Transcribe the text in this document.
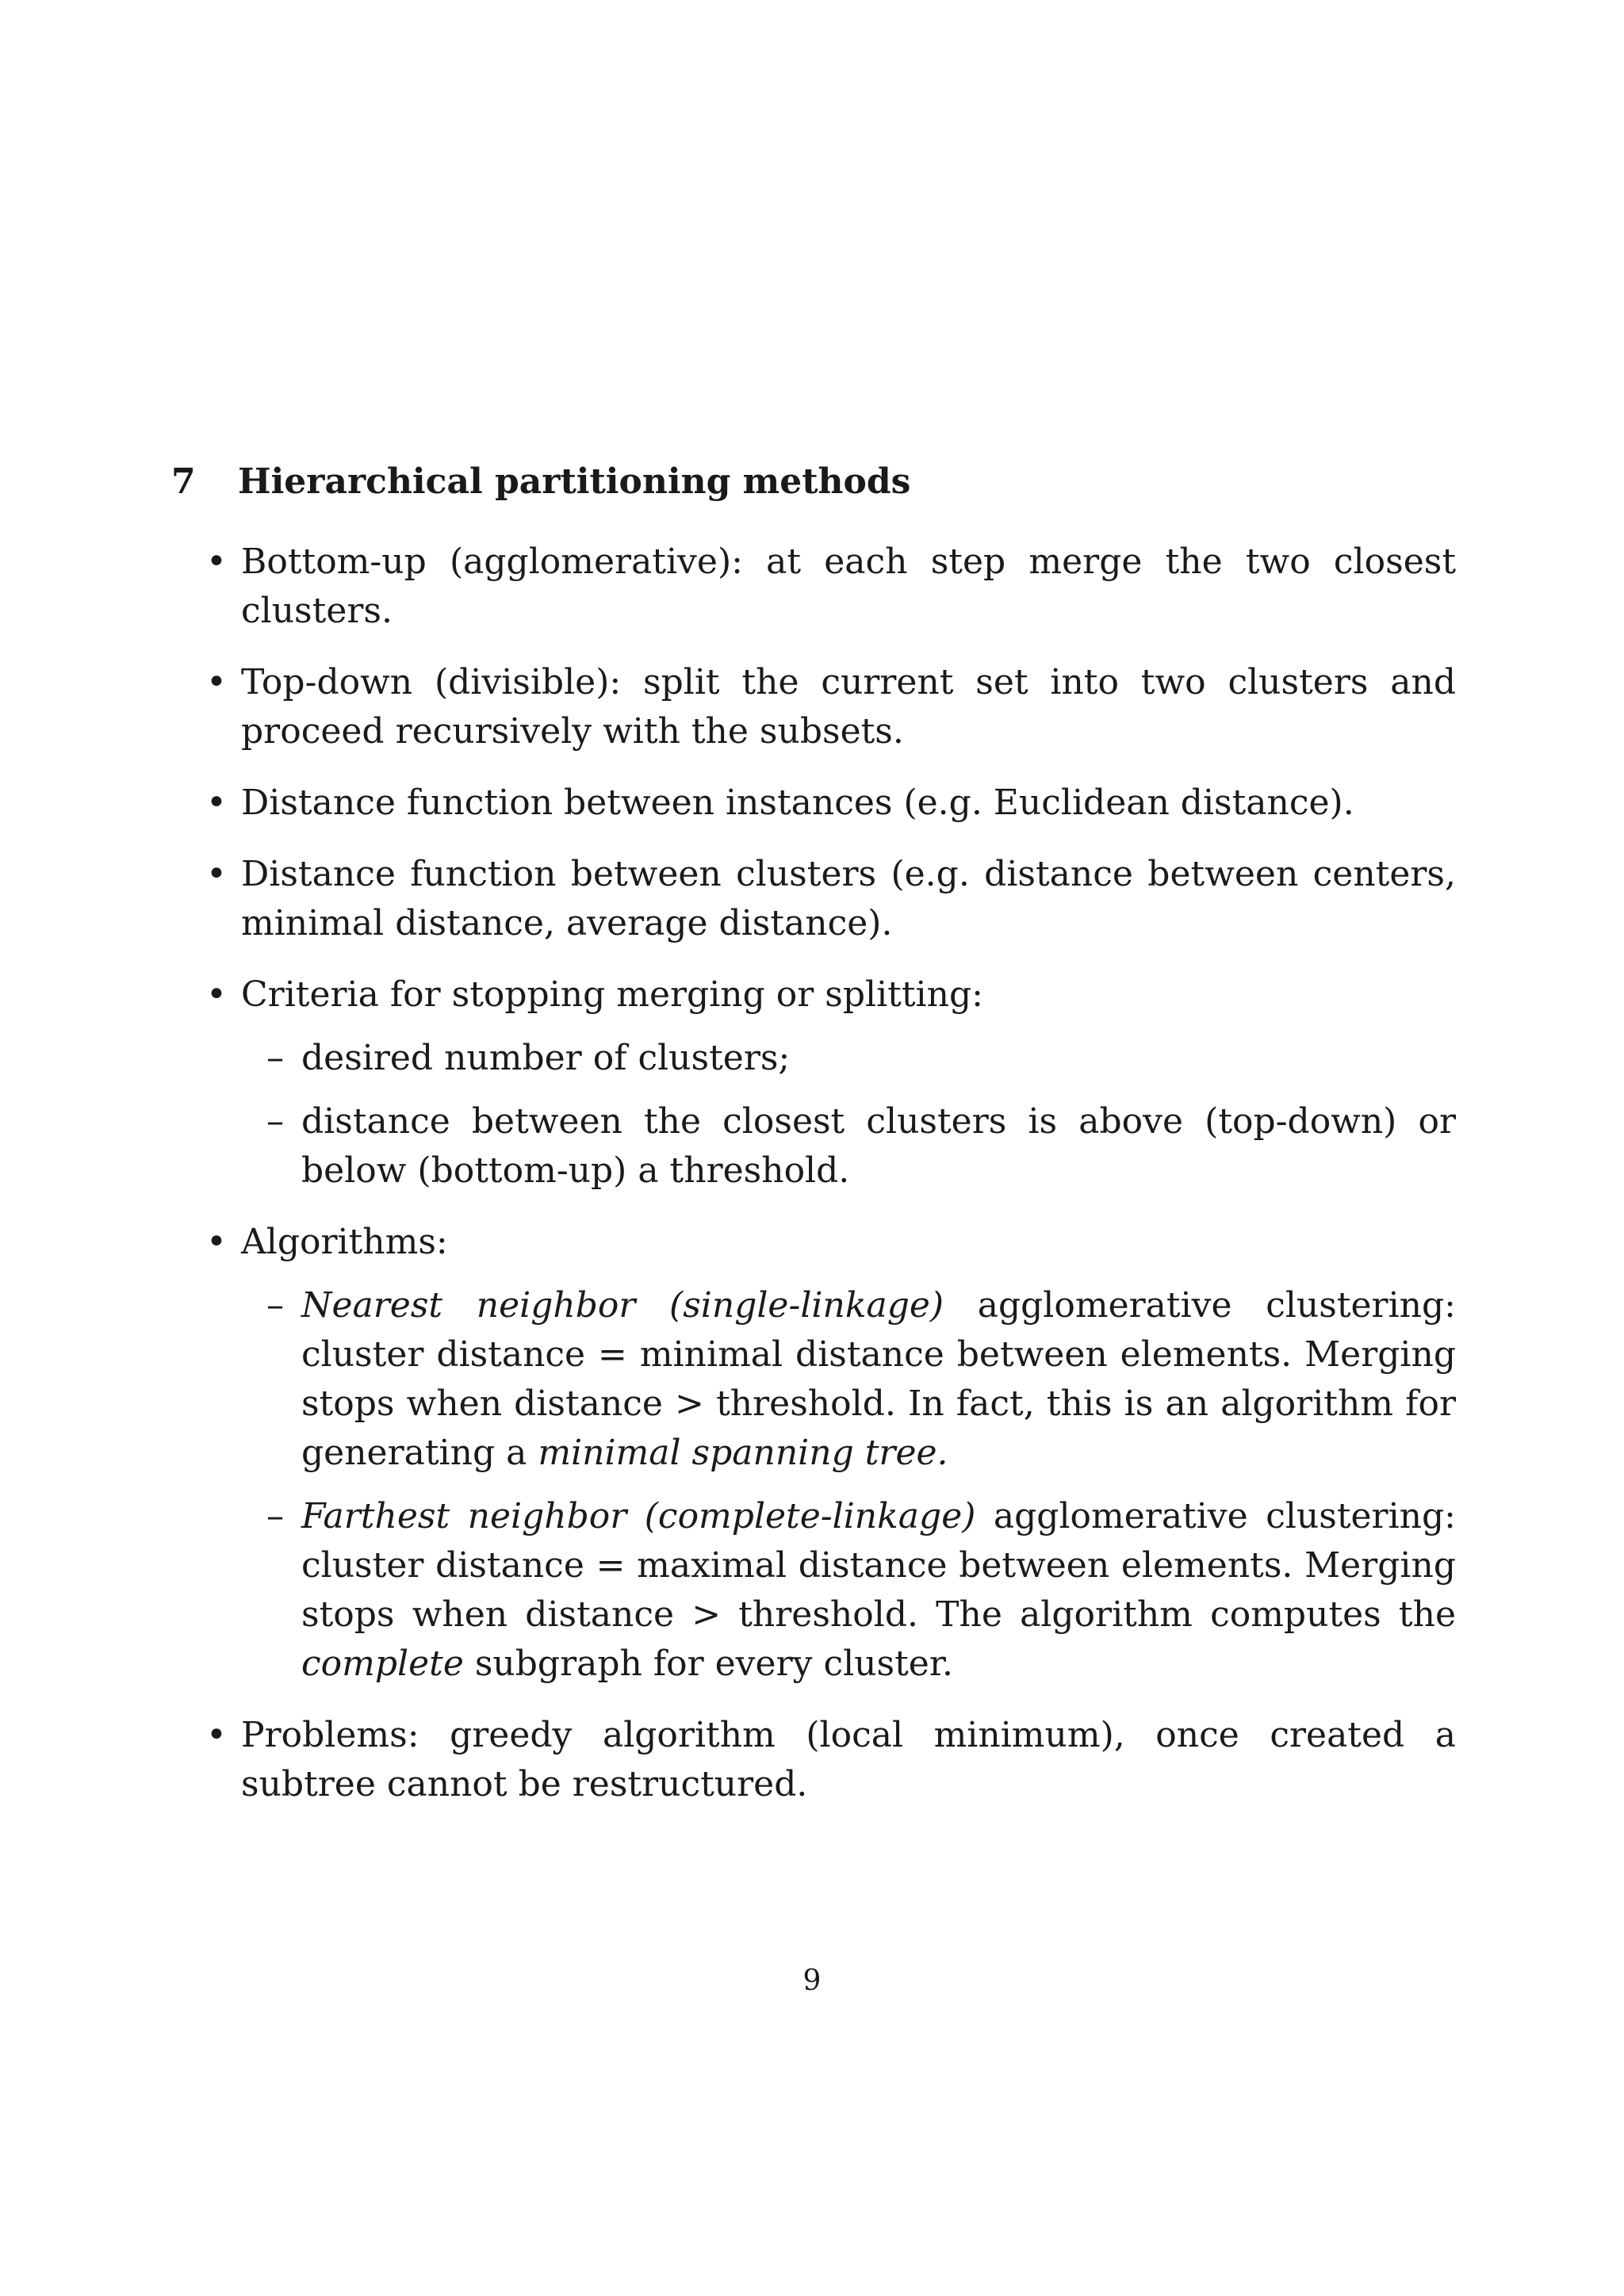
7	Hierarchical partitioning methods
• Bottom-up (agglomerative): at each step merge the two closest clusters.
• Top-down (divisible): split the current set into two clusters and proceed recursively with the subsets.
• Distance function between instances (e.g. Euclidean distance).
• Distance function between clusters (e.g. distance between centers, minimal distance, average distance).
• Criteria for stopping merging or splitting:
– desired number of clusters;
– distance between the closest clusters is above (top-down) or below (bottom-up) a threshold.
• Algorithms:
– Nearest neighbor (single-linkage) agglomerative clustering: cluster distance = minimal distance between elements. Merging stops when distance > threshold. In fact, this is an algorithm for generating a minimal spanning tree.
– Farthest neighbor (complete-linkage) agglomerative clustering: cluster distance = maximal distance between elements. Merging stops when distance > threshold. The algorithm computes the complete subgraph for every cluster.
• Problems: greedy algorithm (local minimum), once created a subtree cannot be restructured.
9
